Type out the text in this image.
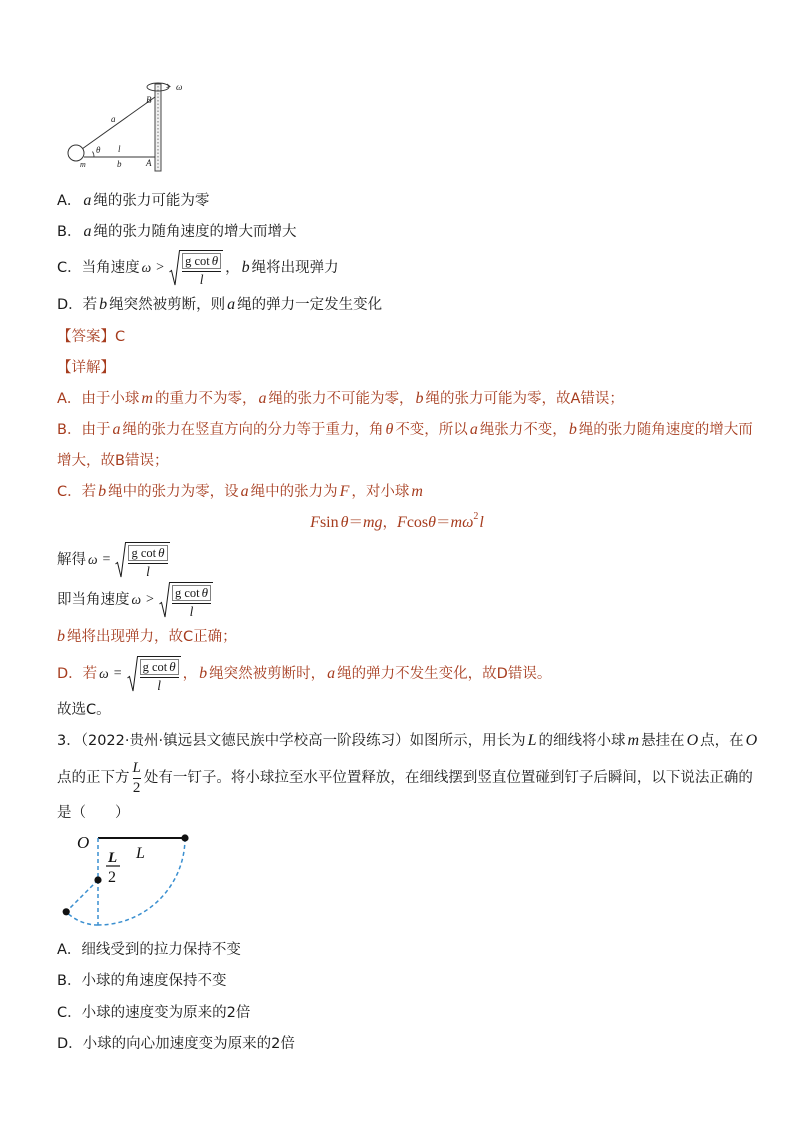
ω
B
a
θ l
b	A
m
A． a 绳的张力可能为零
B． a 绳的张力随角速度的增大而增大
C．当角速度 $\omega > \frac{\text{g cot θ}}{l}$ ， b 绳将出现弹力
D．若 b 绳突然被剪断，则 a 绳的弹力一定发生变化
【答案】 C
【详解】
A．由于小球 m 的重力不为零， a 绳的张力不可能为零， b 绳的张力可能为零，故A错误；
B．由于 a 绳的张力在竖直方向的分力等于重力，角 θ 不变，所以 a 绳张力不变， b 绳的张力随角速度的增大而
增大，故B错误；
C．若 b 绳中的张力为零，设 a 绳中的张力为 F ，对小球 m
F sin θ ＝ mg ， F cos θ ＝ mω 2 l
解得 $\omega = \frac{\text{g cot θ}}{l}$
即当角速度 $\omega > \frac{\text{g cot θ}}{l}$
b 绳将出现弹力，故C正确；
D．若 $\omega = \frac{\text{g cot θ}}{l}$ ， b 绳突然被剪断时， a 绳的弹力不发生变化，故D错误。
故选C。
3．（2022·贵州·镇远县文德民族中学校高一阶段练习）如图所示，用长为 L 的细线将小球 m 悬挂在 O 点，在 O
点的正下方
L
2
处有一钉子。将小球拉至水平位置释放，在细线摆到竖直位置碰到钉子后瞬间，以下说法正确的
是（　　）
O
L
L
2
A．细线受到的拉力保持不变
B．小球的角速度保持不变
C．小球的速度变为原来的2倍
D．小球的向心加速度变为原来的2倍
